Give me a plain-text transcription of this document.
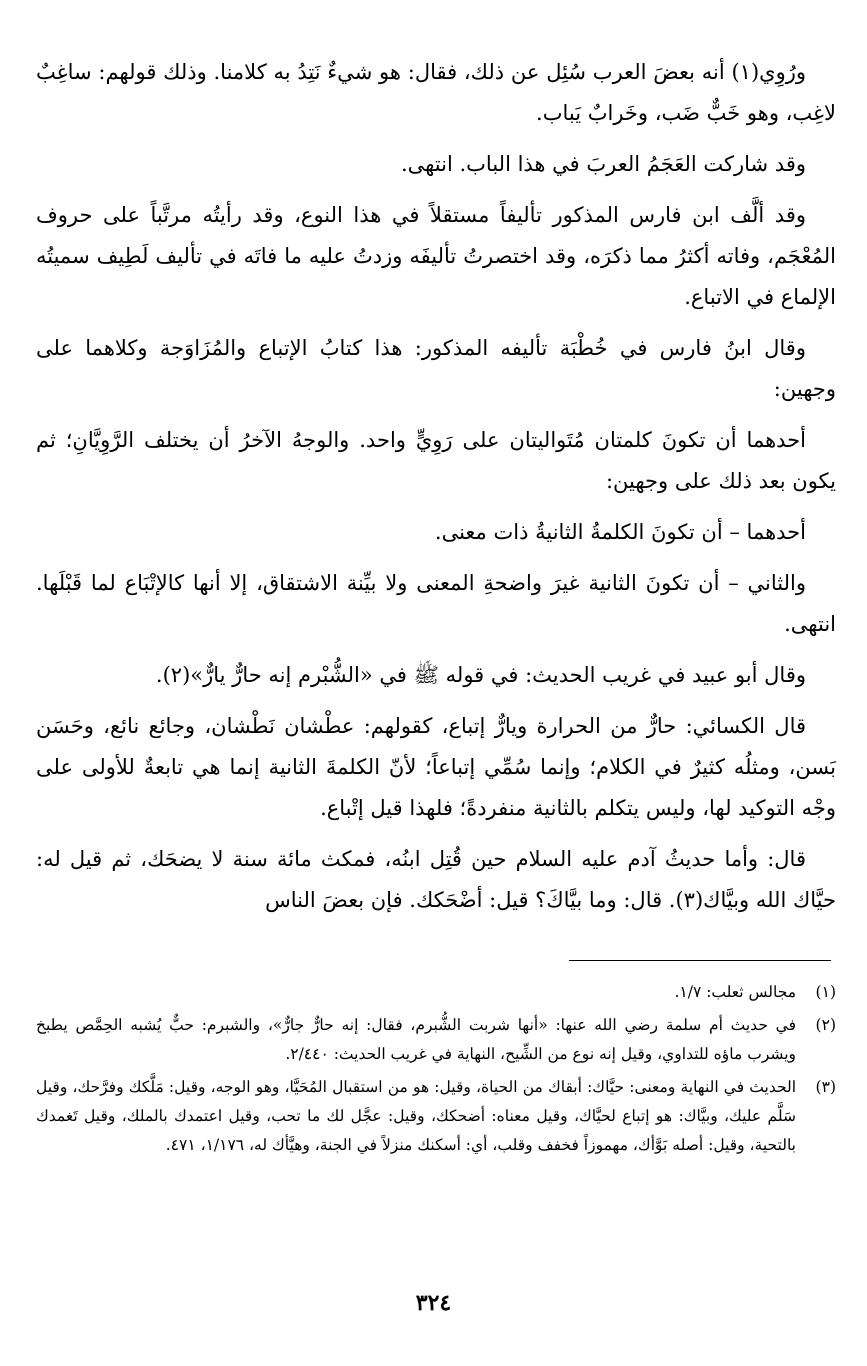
ورُوِي(١) أنه بعضَ العرب سُئِل عن ذلك، فقال: هو شيءٌ نَتِدُ به كلامنا. وذلك قولهم: ساغِبٌ لاغِب، وهو خَبٌّ ضَب، وخَرابٌ يَباب.

وقد شاركت العَجَمُ العربَ في هذا الباب. انتهى.

وقد ألَّف ابن فارس المذكور تأليفاً مستقلاً في هذا النوع، وقد رأيتُه مرتَّباً على حروف المُعْجَم، وفاته أكثرُ مما ذكرَه، وقد اختصرتُ تأليفَه وزدتُ عليه ما فاتَه في تأليف لَطِيف سميتُه الإلماع في الاتباع.

وقال ابنُ فارس في خُطْبَة تأليفه المذكور: هذا كتابُ الإتباع والمُزَاوَجة وكلاهما على وجهين:

أحدهما أن تكونَ كلمتان مُتَواليتان على رَوِيٍّ واحد. والوجهُ الآخرُ أن يختلف الرَّوِيَّانِ؛ ثم يكون بعد ذلك على وجهين:

أحدهما – أن تكونَ الكلمةُ الثانيةُ ذات معنى.

والثاني – أن تكونَ الثانية غيرَ واضحةِ المعنى ولا بيِّنة الاشتقاق، إلا أنها كالإتْبَاع لما قَبْلَها. انتهى.

وقال أبو عبيد في غريب الحديث: في قوله ﷺ في «الشُّبْرم إنه حارٌّ يارٌّ»(٢).

قال الكسائي: حارٌّ من الحرارة ويارٌّ إتباع، كقولهم: عطْشان نَطْشان، وجائع نائع، وحَسَن بَسن، ومثلُه كثيرٌ في الكلام؛ وإنما سُمِّي إتباعاً؛ لأنّ الكلمةَ الثانية إنما هي تابعةٌ للأولى على وجْه التوكيد لها، وليس يتكلم بالثانية منفردةً؛ فلهذا قيل إتْباع.

قال: وأما حديثُ آدم عليه السلام حين قُتِل ابنُه، فمكث مائة سنة لا يضحَك، ثم قيل له: حيَّاك الله وبيَّاك(٣). قال: وما بيَّاكَ؟ قيل: أضْحَكك. فإن بعضَ الناس

(١)
مجالس ثعلب: ١/٧.
(٢)
في حديث أم سلمة رضي الله عنها: «أنها شربت الشُّبرم، فقال: إنه حارٌّ جارٌّ»، والشبرم: حبٌّ يُشبه الحِمَّص يطبخ ويشرب ماؤه للتداوي، وقيل إنه نوع من الشِّيح، النهاية في غريب الحديث: ٢/٤٤٠.
(٣)
الحديث في النهاية ومعنى: حيَّاك: أبقاك من الحياة، وقيل: هو من استقبال المُحَيَّا، وهو الوجه، وقيل: مَلَّكك وفرَّحك، وقيل سَلَّم عليك، وبيَّاك: هو إتباع لحيَّاك، وقيل معناه: أضحكك، وقيل: عجَّل لك ما تحب، وقيل اعتمدك بالملك، وقيل تَغمدك بالتحية، وقيل: أصله بَوَّأك، مهموزاً فخفف وقلب، أي: أسكنك منزلاً في الجنة، وهيَّأك له، ١/١٧٦، ٤٧١.
٣٢٤
